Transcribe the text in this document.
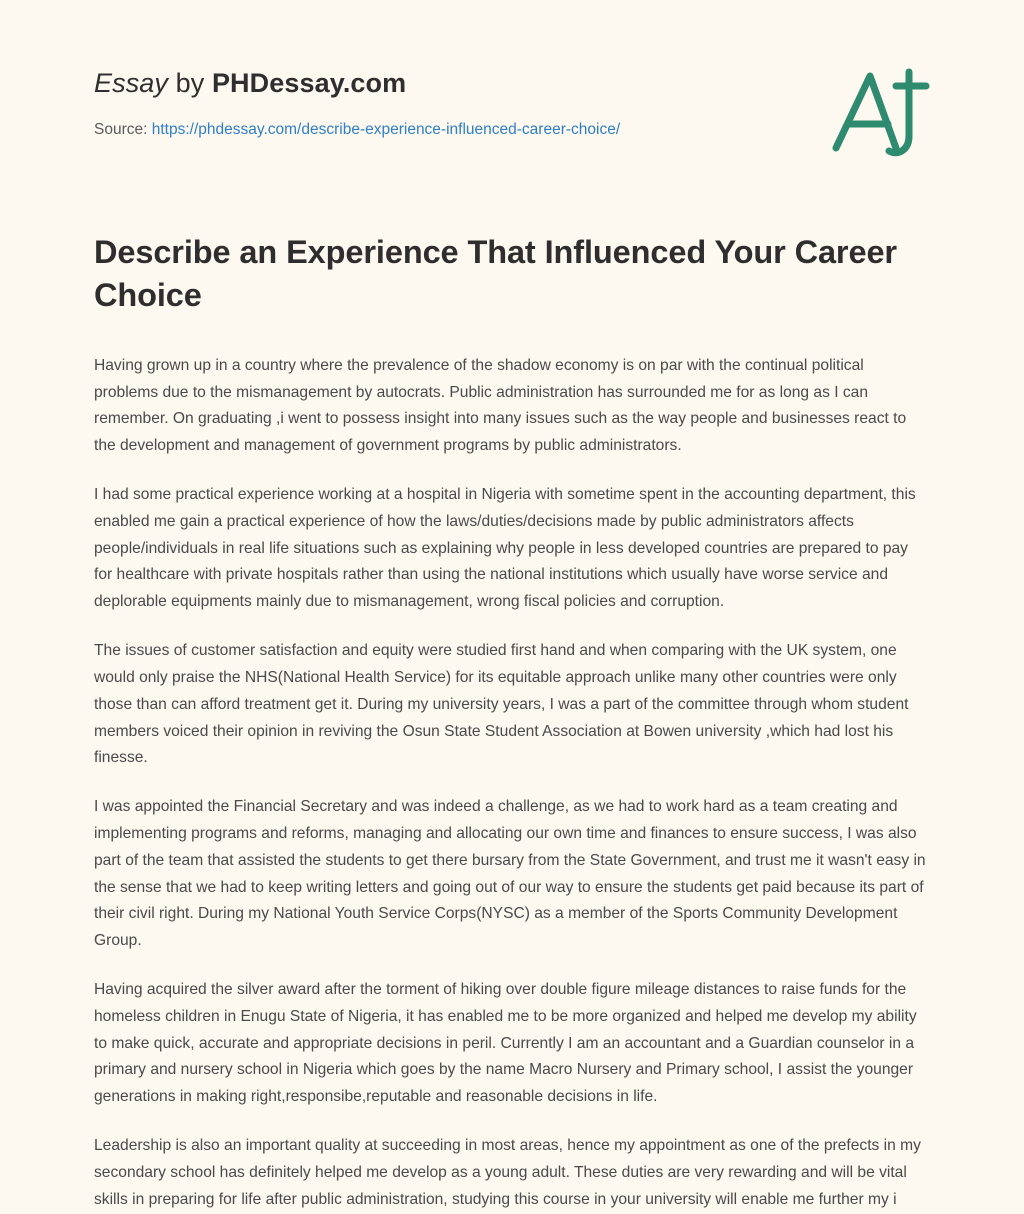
Essay by PHDessay.com
Source: https://phdessay.com/describe-experience-influenced-career-choice/
Describe an Experience That Influenced Your Career Choice

Having grown up in a country where the prevalence of the shadow economy is on par with the continual political problems due to the mismanagement by autocrats. Public administration has surrounded me for as long as I can remember. On graduating ,i went to possess insight into many issues such as the way people and businesses react to the development and management of government programs by public administrators.

I had some practical experience working at a hospital in Nigeria with sometime spent in the accounting department, this enabled me gain a practical experience of how the laws/duties/decisions made by public administrators affects people/individuals in real life situations such as explaining why people in less developed countries are prepared to pay for healthcare with private hospitals rather than using the national institutions which usually have worse service and deplorable equipments mainly due to mismanagement, wrong fiscal policies and corruption.

The issues of customer satisfaction and equity were studied first hand and when comparing with the UK system, one would only praise the NHS(National Health Service) for its equitable approach unlike many other countries were only those than can afford treatment get it. During my university years, I was a part of the committee through whom student members voiced their opinion in reviving the Osun State Student Association at Bowen university ,which had lost his finesse.

I was appointed the Financial Secretary and was indeed a challenge, as we had to work hard as a team creating and implementing programs and reforms, managing and allocating our own time and finances to ensure success, I was also part of the team that assisted the students to get there bursary from the State Government, and trust me it wasn't easy in the sense that we had to keep writing letters and going out of our way to ensure the students get paid because its part of their civil right. During my National Youth Service Corps(NYSC) as a member of the Sports Community Development Group.

Having acquired the silver award after the torment of hiking over double figure mileage distances to raise funds for the homeless children in Enugu State of Nigeria, it has enabled me to be more organized and helped me develop my ability to make quick, accurate and appropriate decisions in peril. Currently I am an accountant and a Guardian counselor in a primary and nursery school in Nigeria which goes by the name Macro Nursery and Primary school, I assist the younger generations in making right,responsibe,reputable and reasonable decisions in life.

Leadership is also an important quality at succeeding in most areas, hence my appointment as one of the prefects in my secondary school has definitely helped me develop as a young adult. These duties are very rewarding and will be vital skills in preparing for life after public administration, studying this course in your university will enable me further my i
